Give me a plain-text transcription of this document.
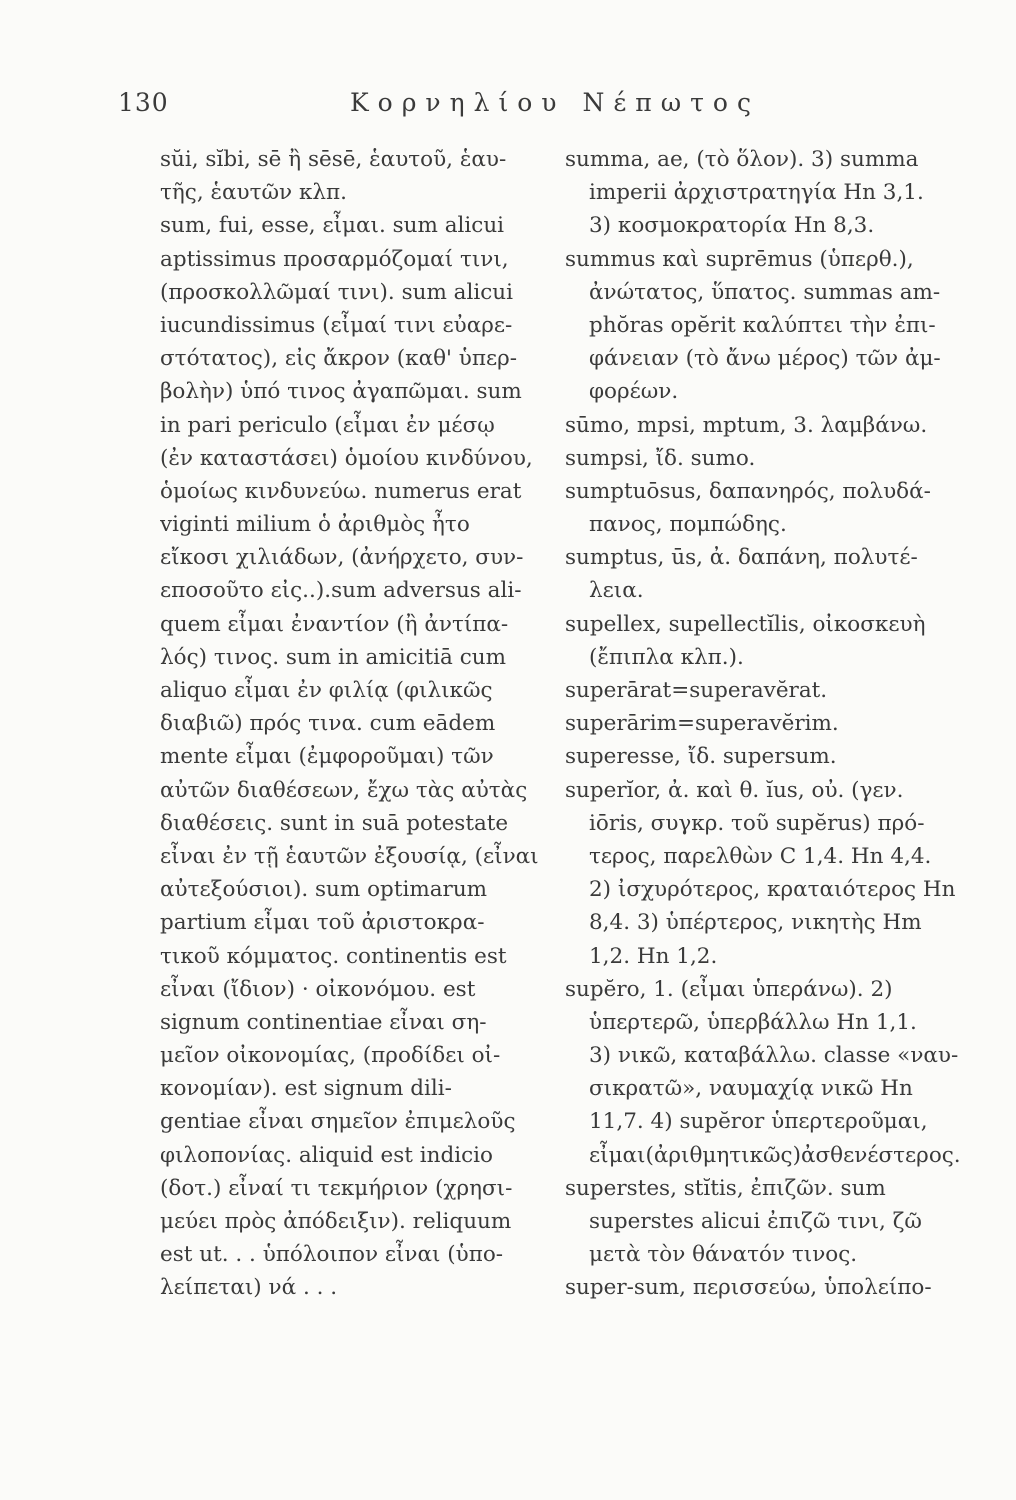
130	Κορνηλίου Νέπωτος
sŭi, sĭbi, sē ἢ sēsē, ἑαυτοῦ, ἑαυ-
τῆς, ἑαυτῶν κλπ.
sum, fui, esse, εἶμαι. sum alicui
aptissimus προσαρμόζομαί τινι,
(προσκολλῶμαί τινι). sum alicui
iucundissimus (εἶμαί τινι εὐαρε-
στότατος), εἰς ἄκρον (καθ' ὑπερ-
βολὴν) ὑπό τινος ἀγαπῶμαι. sum
in pari periculo (εἶμαι ἐν μέσῳ
(ἐν καταστάσει) ὁμοίου κινδύνου,
ὁμοίως κινδυνεύω. numerus erat
viginti milium ὁ ἀριθμὸς ἦτο
εἴκοσι χιλιάδων, (ἀνήρχετο, συν-
εποσοῦτο εἰς..).sum adversus ali-
quem εἶμαι ἐναντίον (ἢ ἀντίπα-
λός) τινος. sum in amicitiā cum
aliquo εἶμαι ἐν φιλίᾳ (φιλικῶς
διαβιῶ) πρός τινα. cum eādem
mente εἶμαι (ἐμφοροῦμαι) τῶν
αὐτῶν διαθέσεων, ἔχω τὰς αὐτὰς
διαθέσεις. sunt in suā potestate
εἶναι ἐν τῇ ἑαυτῶν ἐξουσίᾳ, (εἶναι
αὐτεξούσιοι). sum optimarum
partium εἶμαι τοῦ ἀριστοκρα-
τικοῦ κόμματος. continentis est
εἶναι (ἴδιον) · οἰκονόμου. est
signum continentiae εἶναι ση-
μεῖον οἰκονομίας, (προδίδει οἰ-
κονομίαν). est signum dili-
gentiae εἶναι σημεῖον ἐπιμελοῦς
φιλοπονίας. aliquid est indicio
(δοτ.) εἶναί τι τεκμήριον (χρησι-
μεύει πρὸς ἀπόδειξιν). reliquum
est ut. . . ὑπόλοιπον εἶναι (ὑπο-
λείπεται) νά . . .
summa, ae, (τὸ ὅλον). 3) summa
imperii ἀρχιστρατηγία Hn 3,1.
3) κοσμοκρατορία Hn 8,3.
summus καὶ suprēmus (ὑπερθ.),
ἀνώτατος, ὕπατος. summas am-
phŏras opĕrit καλύπτει τὴν ἐπι-
φάνειαν (τὸ ἄνω μέρος) τῶν ἀμ-
φορέων.
sūmo, mpsi, mptum, 3. λαμβάνω.
sumpsi, ἴδ. sumo.
sumptuōsus, δαπανηρός, πολυδά-
πανος, πομπώδης.
sumptus, ūs, ἀ. δαπάνη, πολυτέ-
λεια.
supellex, supellectĭlis, οἰκοσκευὴ
(ἔπιπλα κλπ.).
superārat=superavĕrat.
superārim=superavĕrim.
superesse, ἴδ. supersum.
superĭor, ἀ. καὶ θ. ĭus, οὐ. (γεν.
iōris, συγκρ. τοῦ supĕrus) πρό-
τερος, παρελθὼν C 1,4. Hn 4,4.
2) ἰσχυρότερος, κραταιότερος Hn
8,4. 3) ὑπέρτερος, νικητὴς Hm
1,2. Hn 1,2.
supĕro, 1. (εἶμαι ὑπεράνω). 2)
ὑπερτερῶ, ὑπερβάλλω Hn 1,1.
3) νικῶ, καταβάλλω. classe «ναυ-
σικρατῶ», ναυμαχίᾳ νικῶ Hn
11,7. 4) supĕror ὑπερτεροῦμαι,
εἶμαι(ἀριθμητικῶς)ἀσθενέστερος.
superstes, stĭtis, ἐπιζῶν. sum
superstes alicui ἐπιζῶ τινι, ζῶ
μετὰ τὸν θάνατόν τινος.
super-sum, περισσεύω, ὑπολείπο-
